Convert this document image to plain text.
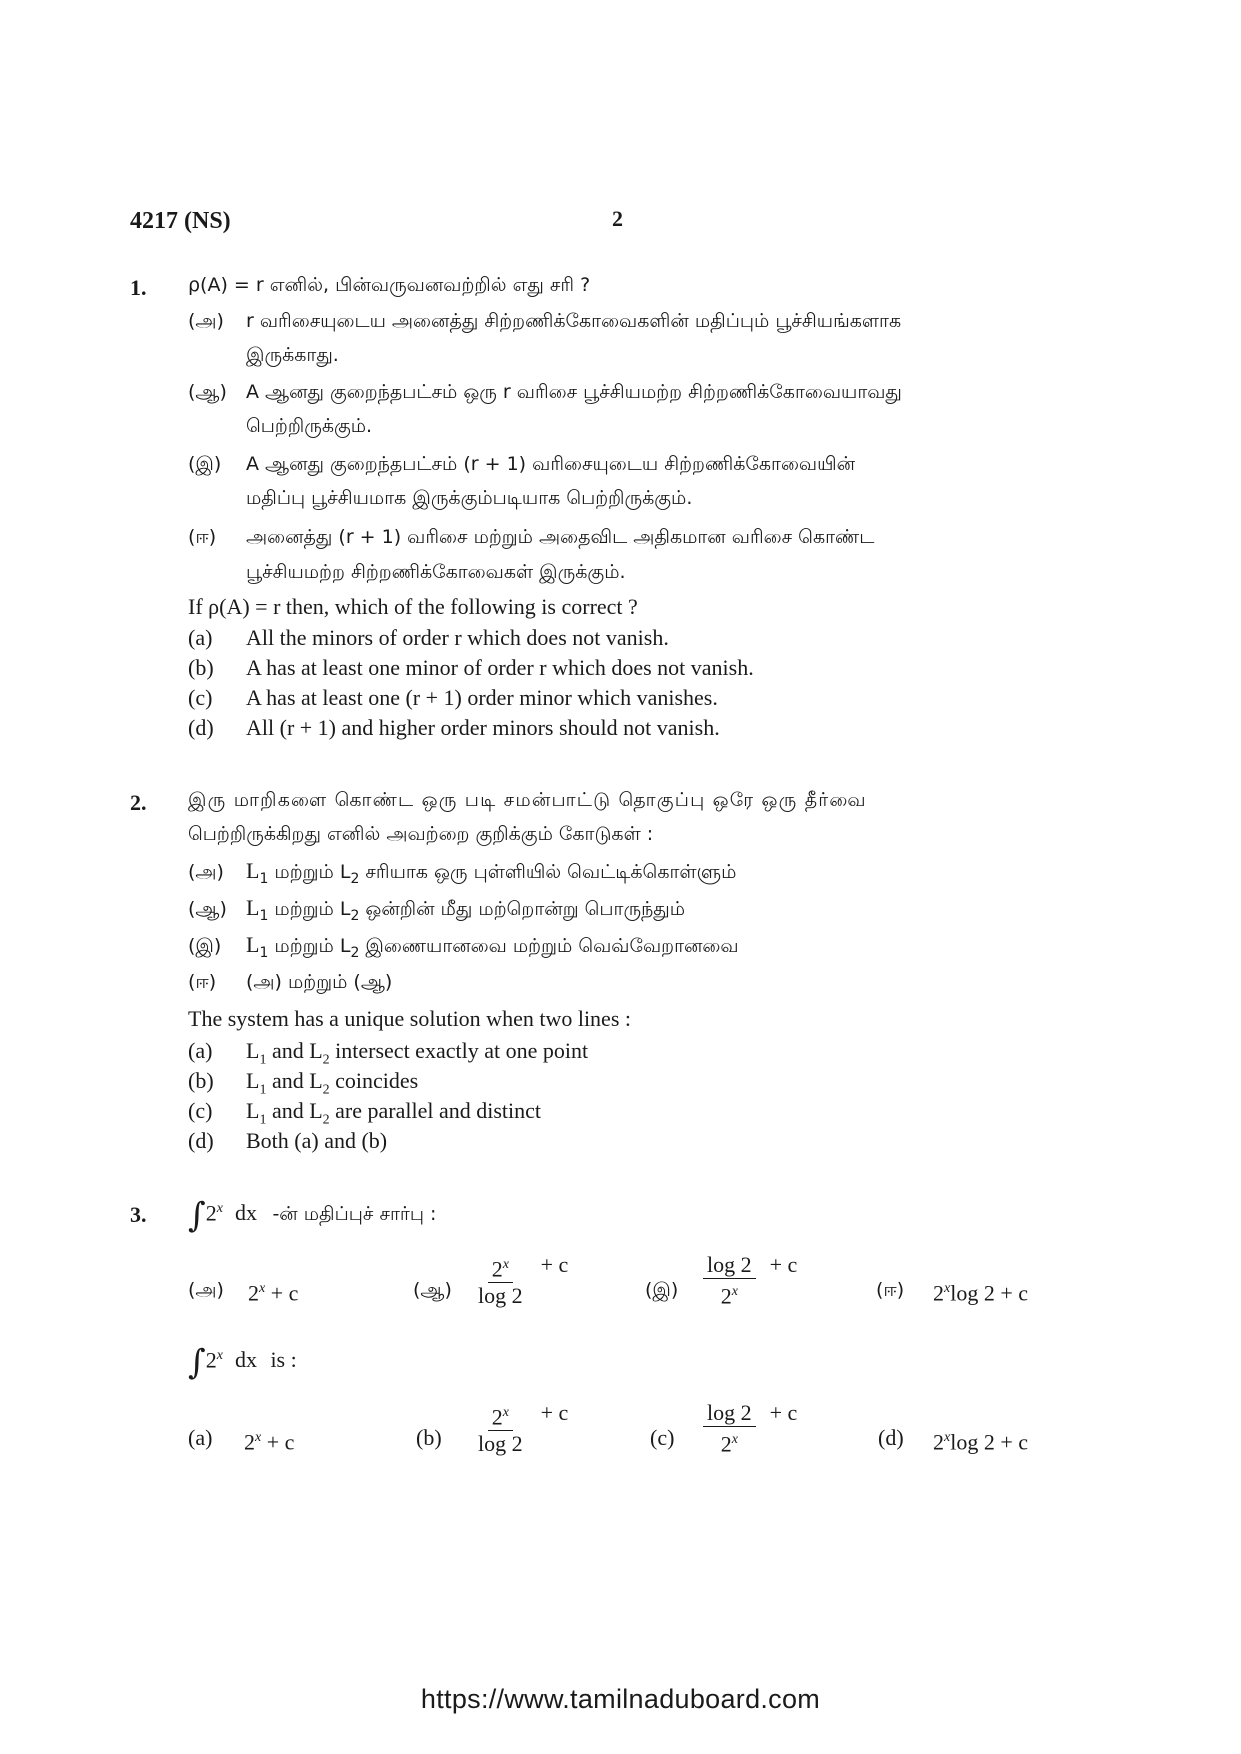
4217 (NS)	2
1. ρ(A) = r எனில், பின்வருவனவற்றில் எது சரி ?
(அ) r வரிசையுடைய அனைத்து சிற்றணிக்கோவைகளின் மதிப்பும் பூச்சியங்களாக
இருக்காது.
(ஆ) A ஆனது குறைந்தபட்சம் ஒரு r வரிசை பூச்சியமற்ற சிற்றணிக்கோவையாவது
பெற்றிருக்கும்.
(இ) A ஆனது குறைந்தபட்சம் (r + 1) வரிசையுடைய சிற்றணிக்கோவையின்
மதிப்பு பூச்சியமாக இருக்கும்படியாக பெற்றிருக்கும்.
(ஈ) அனைத்து (r + 1) வரிசை மற்றும் அதைவிட அதிகமான வரிசை கொண்ட
பூச்சியமற்ற சிற்றணிக்கோவைகள் இருக்கும்.
If ρ(A) = r then, which of the following is correct ?
(a) All the minors of order r which does not vanish.
(b) A has at least one minor of order r which does not vanish.
(c) A has at least one (r + 1) order minor which vanishes.
(d) All (r + 1) and higher order minors should not vanish.
2. இரு மாறிகளை கொண்ட ஒரு படி சமன்பாட்டு தொகுப்பு ஒரே ஒரு தீர்வை
பெற்றிருக்கிறது எனில் அவற்றை குறிக்கும் கோடுகள் :
(அ) $L_1$ மற்றும் $L_2$ சரியாக ஒரு புள்ளியில் வெட்டிக்கொள்ளும்
(ஆ) $L_1$ மற்றும் $L_2$ ஒன்றின் மீது மற்றொன்று பொருந்தும்
(இ) $L_1$ மற்றும் $L_2$ இணையானவை மற்றும் வெவ்வேறானவை
(ஈ) (அ) மற்றும் (ஆ)
The system has a unique solution when two lines :
(a) $L_1$ and $L_2$ intersect exactly at one point
(b) $L_1$ and $L_2$ coincides
(c) $L_1$ and $L_2$ are parallel and distinct
(d) Both (a) and (b)
3. ∫2$^x$ dx -ன் மதிப்புச் சார்பு :
(அ) $2^x + c$	(ஆ) $\frac{2^x}{\log 2} + c$
(இ) $\frac{\log 2}{2^x} + c$
(ஈ) 2$^x$log 2 + c
∫2$^x$ dx is :
(a) $2^x + c$	$(b) \frac{2^x}{\log 2} + c$
$(c) \frac{\log 2}{2^x} + c$
(d) 2$^x$log 2 + c
https://www.tamilnaduboard.com
